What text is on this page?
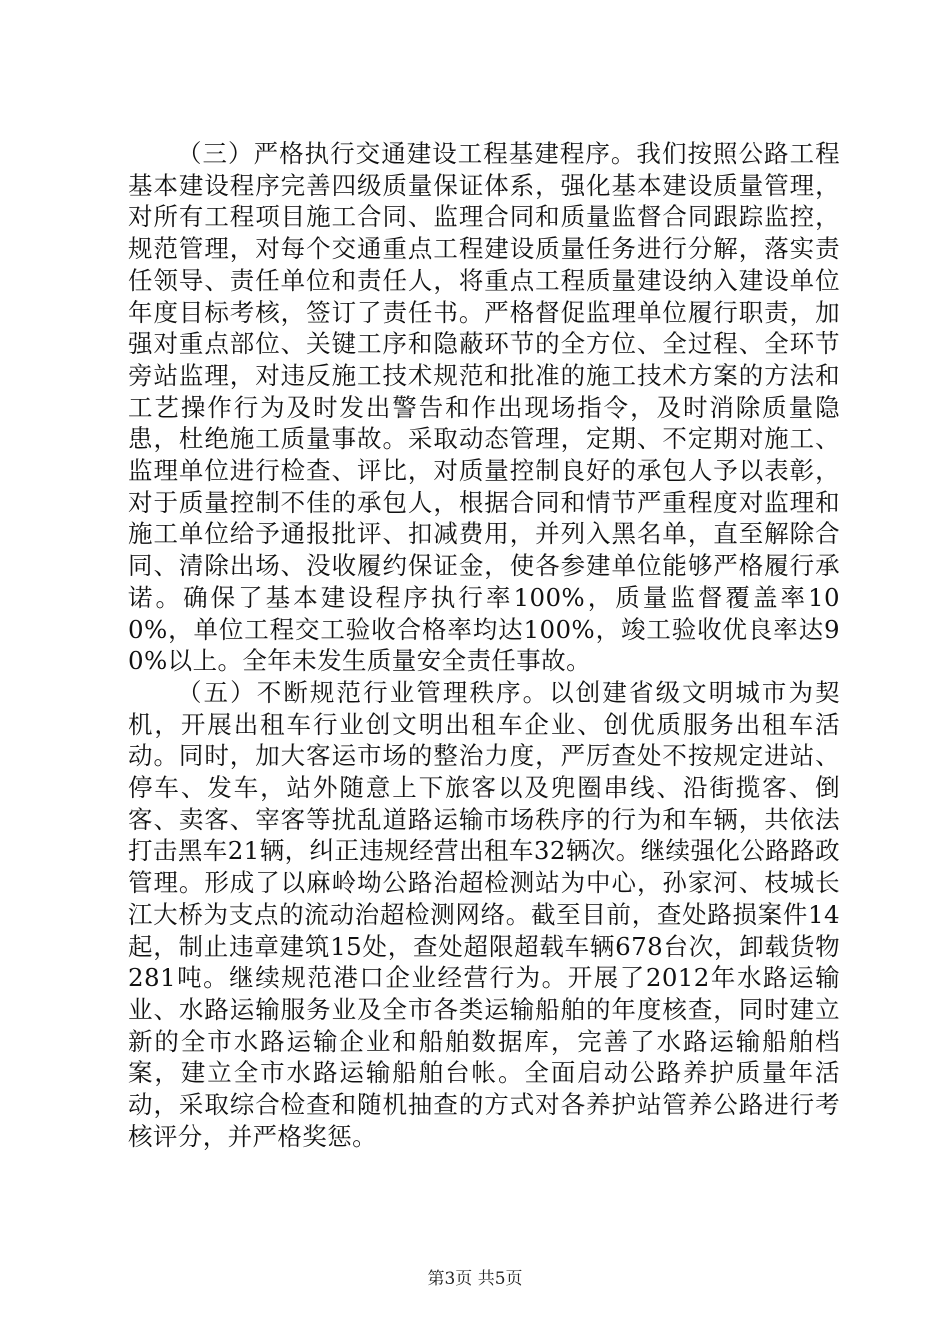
（三）严格执行交通建设工程基建程序。我们按照公路工程基本建设程序完善四级质量保证体系，强化基本建设质量管理，对所有工程项目施工合同、监理合同和质量监督合同跟踪监控，规范管理，对每个交通重点工程建设质量任务进行分解，落实责任领导、责任单位和责任人，将重点工程质量建设纳入建设单位年度目标考核，签订了责任书。严格督促监理单位履行职责，加强对重点部位、关键工序和隐蔽环节的全方位、全过程、全环节旁站监理，对违反施工技术规范和批准的施工技术方案的方法和工艺操作行为及时发出警告和作出现场指令，及时消除质量隐患，杜绝施工质量事故。采取动态管理，定期、不定期对施工、监理单位进行检查、评比，对质量控制良好的承包人予以表彰，对于质量控制不佳的承包人，根据合同和情节严重程度对监理和施工单位给予通报批评、扣减费用，并列入黑名单，直至解除合同、清除出场、没收履约保证金，使各参建单位能够严格履行承诺。确保了基本建设程序执行率100%，质量监督覆盖率100%，单位工程交工验收合格率均达100%，竣工验收优良率达90%以上。全年未发生质量安全责任事故。

（五）不断规范行业管理秩序。以创建省级文明城市为契机，开展出租车行业创文明出租车企业、创优质服务出租车活动。同时，加大客运市场的整治力度，严厉查处不按规定进站、停车、发车，站外随意上下旅客以及兜圈串线、沿街揽客、倒客、卖客、宰客等扰乱道路运输市场秩序的行为和车辆，共依法打击黑车21辆，纠正违规经营出租车32辆次。继续强化公路路政管理。形成了以麻岭坳公路治超检测站为中心，孙家河、枝城长江大桥为支点的流动治超检测网络。截至目前，查处路损案件14起，制止违章建筑15处，查处超限超载车辆678台次，卸载货物281吨。继续规范港口企业经营行为。开展了2012年水路运输业、水路运输服务业及全市各类运输船舶的年度核查，同时建立新的全市水路运输企业和船舶数据库，完善了水路运输船舶档案，建立全市水路运输船舶台帐。全面启动公路养护质量年活动，采取综合检查和随机抽查的方式对各养护站管养公路进行考核评分，并严格奖惩。

第3页 共5页
